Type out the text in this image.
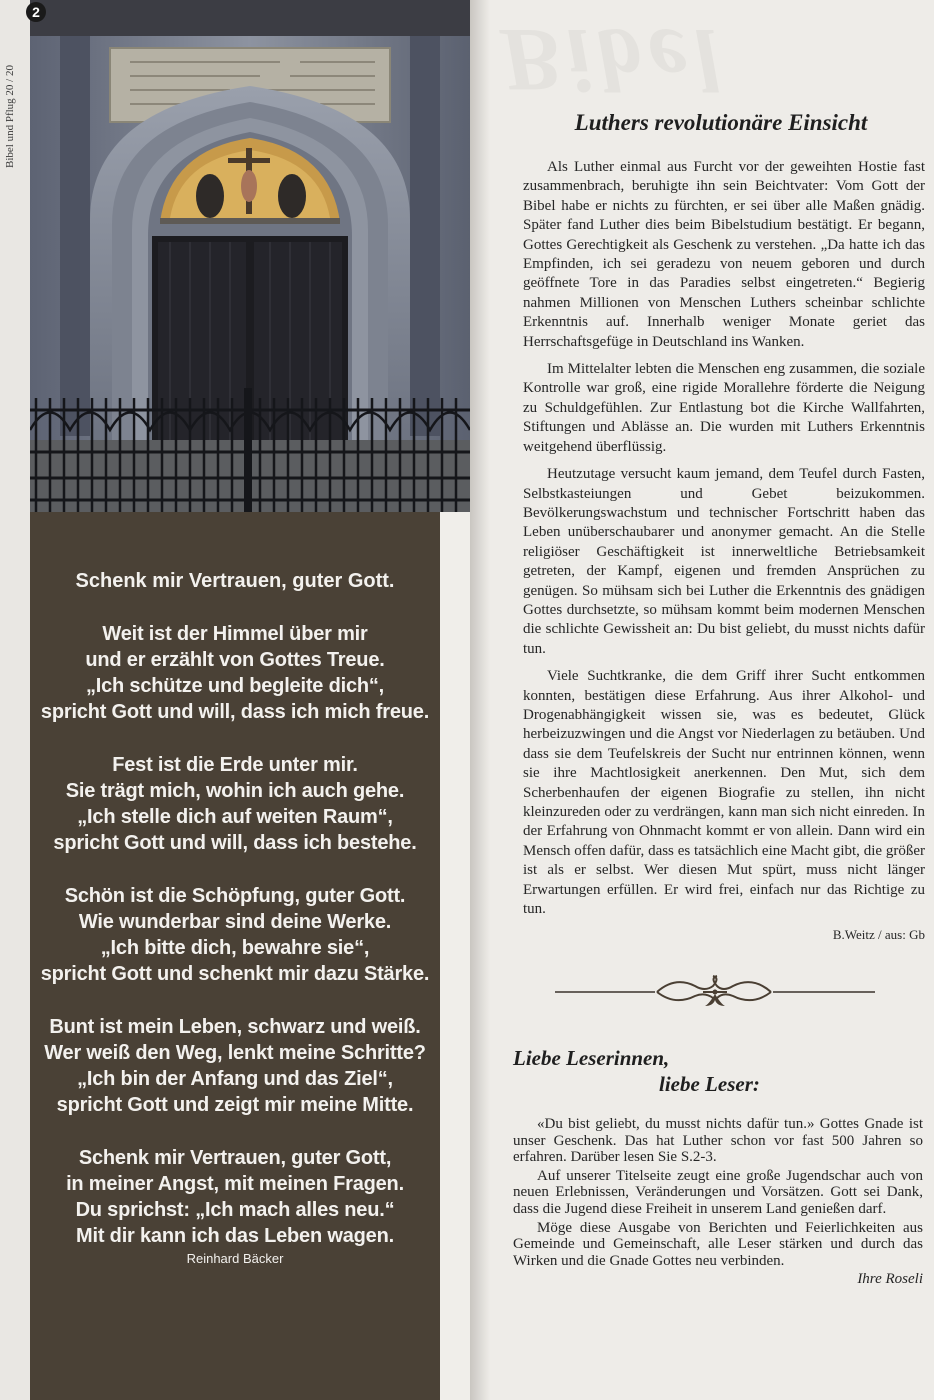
Bibel und Pflug 20 / 20
2
Schenk mir Vertrauen, guter Gott.
Weit ist der Himmel über mir
und er erzählt von Gottes Treue.
„Ich schütze und begleite dich“,
spricht Gott und will, dass ich mich freue.
Fest ist die Erde unter mir.
Sie trägt mich, wohin ich auch gehe.
„Ich stelle dich auf weiten Raum“,
spricht Gott und will, dass ich bestehe.
Schön ist die Schöpfung, guter Gott.
Wie wunderbar sind deine Werke.
„Ich bitte dich, bewahre sie“,
spricht Gott und schenkt mir dazu Stärke.
Bunt ist mein Leben, schwarz und weiß.
Wer weiß den Weg, lenkt meine Schritte?
„Ich bin der Anfang und das Ziel“,
spricht Gott und zeigt mir meine Mitte.
Schenk mir Vertrauen, guter Gott,
in meiner Angst, mit meinen Fragen.
Du sprichst: „Ich mach alles neu.“
Mit dir kann ich das Leben wagen.
Reinhard Bäcker
Bibel
Luthers revolutionäre Einsicht

Als Luther einmal aus Furcht vor der geweihten Hostie fast zusammenbrach, beruhigte ihn sein Beichtvater: Vom Gott der Bibel habe er nichts zu fürchten, er sei über alle Maßen gnädig. Später fand Luther dies beim Bibelstudium bestätigt. Er begann, Gottes Gerechtigkeit als Geschenk zu verstehen. „Da hatte ich das Empfinden, ich sei geradezu von neuem geboren und durch geöffnete Tore in das Paradies selbst eingetreten.“ Begierig nahmen Millionen von Menschen Luthers scheinbar schlichte Erkenntnis auf. Innerhalb weniger Monate geriet das Herrschaftsgefüge in Deutschland ins Wanken.

Im Mittelalter lebten die Menschen eng zusammen, die soziale Kontrolle war groß, eine rigide Morallehre förderte die Neigung zu Schuldgefühlen. Zur Entlastung bot die Kirche Wallfahrten, Stiftungen und Ablässe an. Die wurden mit Luthers Erkenntnis weitgehend überflüssig.

Heutzutage versucht kaum jemand, dem Teufel durch Fasten, Selbstkasteiungen und Gebet beizukommen. Bevölkerungswachstum und technischer Fortschritt haben das Leben unüberschaubarer und anonymer gemacht. An die Stelle religiöser Geschäftigkeit ist innerweltliche Betriebsamkeit getreten, der Kampf, eigenen und fremden Ansprüchen zu genügen. So mühsam sich bei Luther die Erkenntnis des gnädigen Gottes durchsetzte, so mühsam kommt beim modernen Menschen die schlichte Gewissheit an: Du bist geliebt, du musst nichts dafür tun.

Viele Suchtkranke, die dem Griff ihrer Sucht entkommen konnten, bestätigen diese Erfahrung. Aus ihrer Alkohol- und Drogenabhängigkeit wissen sie, was es bedeutet, Glück herbeizuzwingen und die Angst vor Niederlagen zu betäuben. Und dass sie dem Teufelskreis der Sucht nur entrinnen können, wenn sie ihre Machtlosigkeit anerkennen. Den Mut, sich dem Scherbenhaufen der eigenen Biografie zu stellen, ihn nicht kleinzureden oder zu verdrängen, kann man sich nicht einreden. In der Erfahrung von Ohnmacht kommt er von allein. Dann wird ein Mensch offen dafür, dass es tatsächlich eine Macht gibt, die größer ist als er selbst. Wer diesen Mut spürt, muss nicht länger Erwartungen erfüllen. Er wird frei, einfach nur das Richtige zu tun.

B.Weitz / aus: Gb
Liebe Leserinnen,
liebe Leser:

«Du bist geliebt, du musst nichts dafür tun.» Gottes Gnade ist unser Geschenk. Das hat Luther schon vor fast 500 Jahren so erfahren. Darüber lesen Sie S.2-3.

Auf unserer Titelseite zeugt eine große Jugendschar auch von neuen Erlebnissen, Veränderungen und Vorsätzen. Gott sei Dank, dass die Jugend diese Freiheit in unserem Land genießen darf.

Möge diese Ausgabe von Berichten und Feierlichkeiten aus Gemeinde und Gemeinschaft, alle Leser stärken und durch das Wirken und die Gnade Gottes neu verbinden.

Ihre Roseli
